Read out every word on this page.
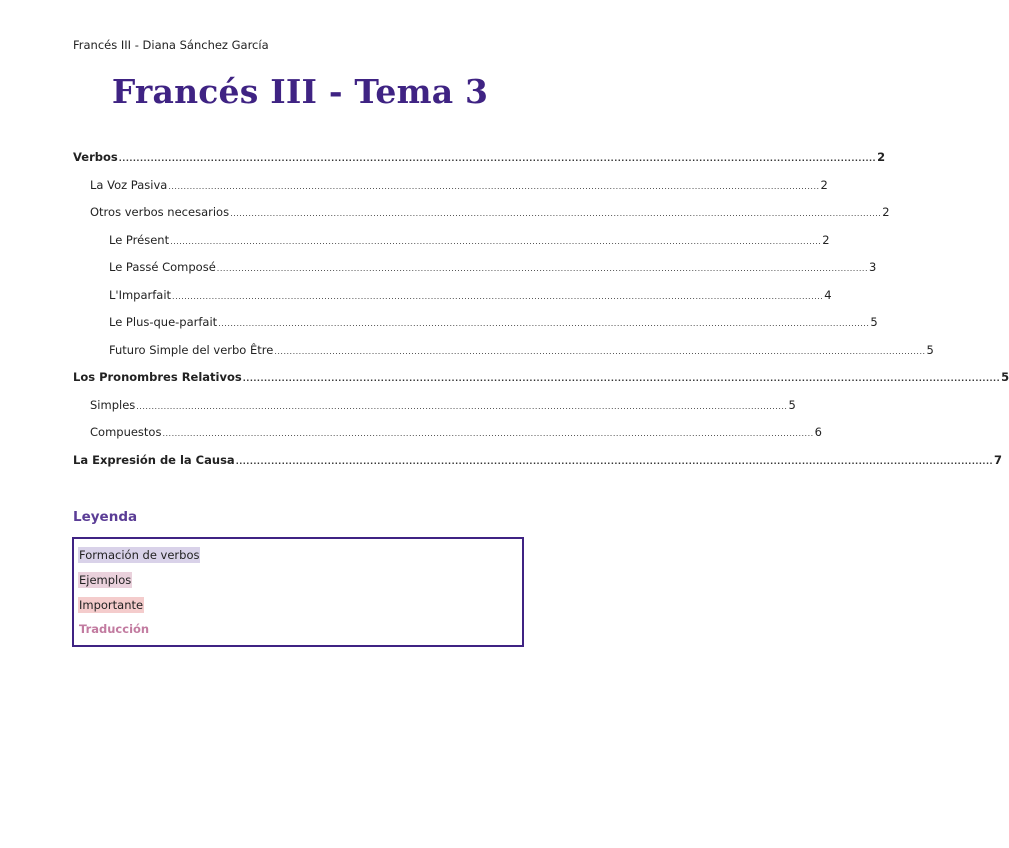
Francés III - Diana Sánchez García
Francés III - Tema 3
Verbos ...................................................................................................................................................................................................................... 2
La Voz Pasiva ...................................................................................................................................................................................................................... 2
Otros verbos necesarios ...................................................................................................................................................................................................................... 2
Le Présent ...................................................................................................................................................................................................................... 2
Le Passé Composé ...................................................................................................................................................................................................................... 3
L'Imparfait ...................................................................................................................................................................................................................... 4
Le Plus-que-parfait ...................................................................................................................................................................................................................... 5
Futuro Simple del verbo Être ...................................................................................................................................................................................................................... 5
Los Pronombres Relativos ...................................................................................................................................................................................................................... 5
Simples ...................................................................................................................................................................................................................... 5
Compuestos ...................................................................................................................................................................................................................... 6
La Expresión de la Causa ...................................................................................................................................................................................................................... 7
Leyenda
Formación de verbos
Ejemplos
Importante
Traducción
